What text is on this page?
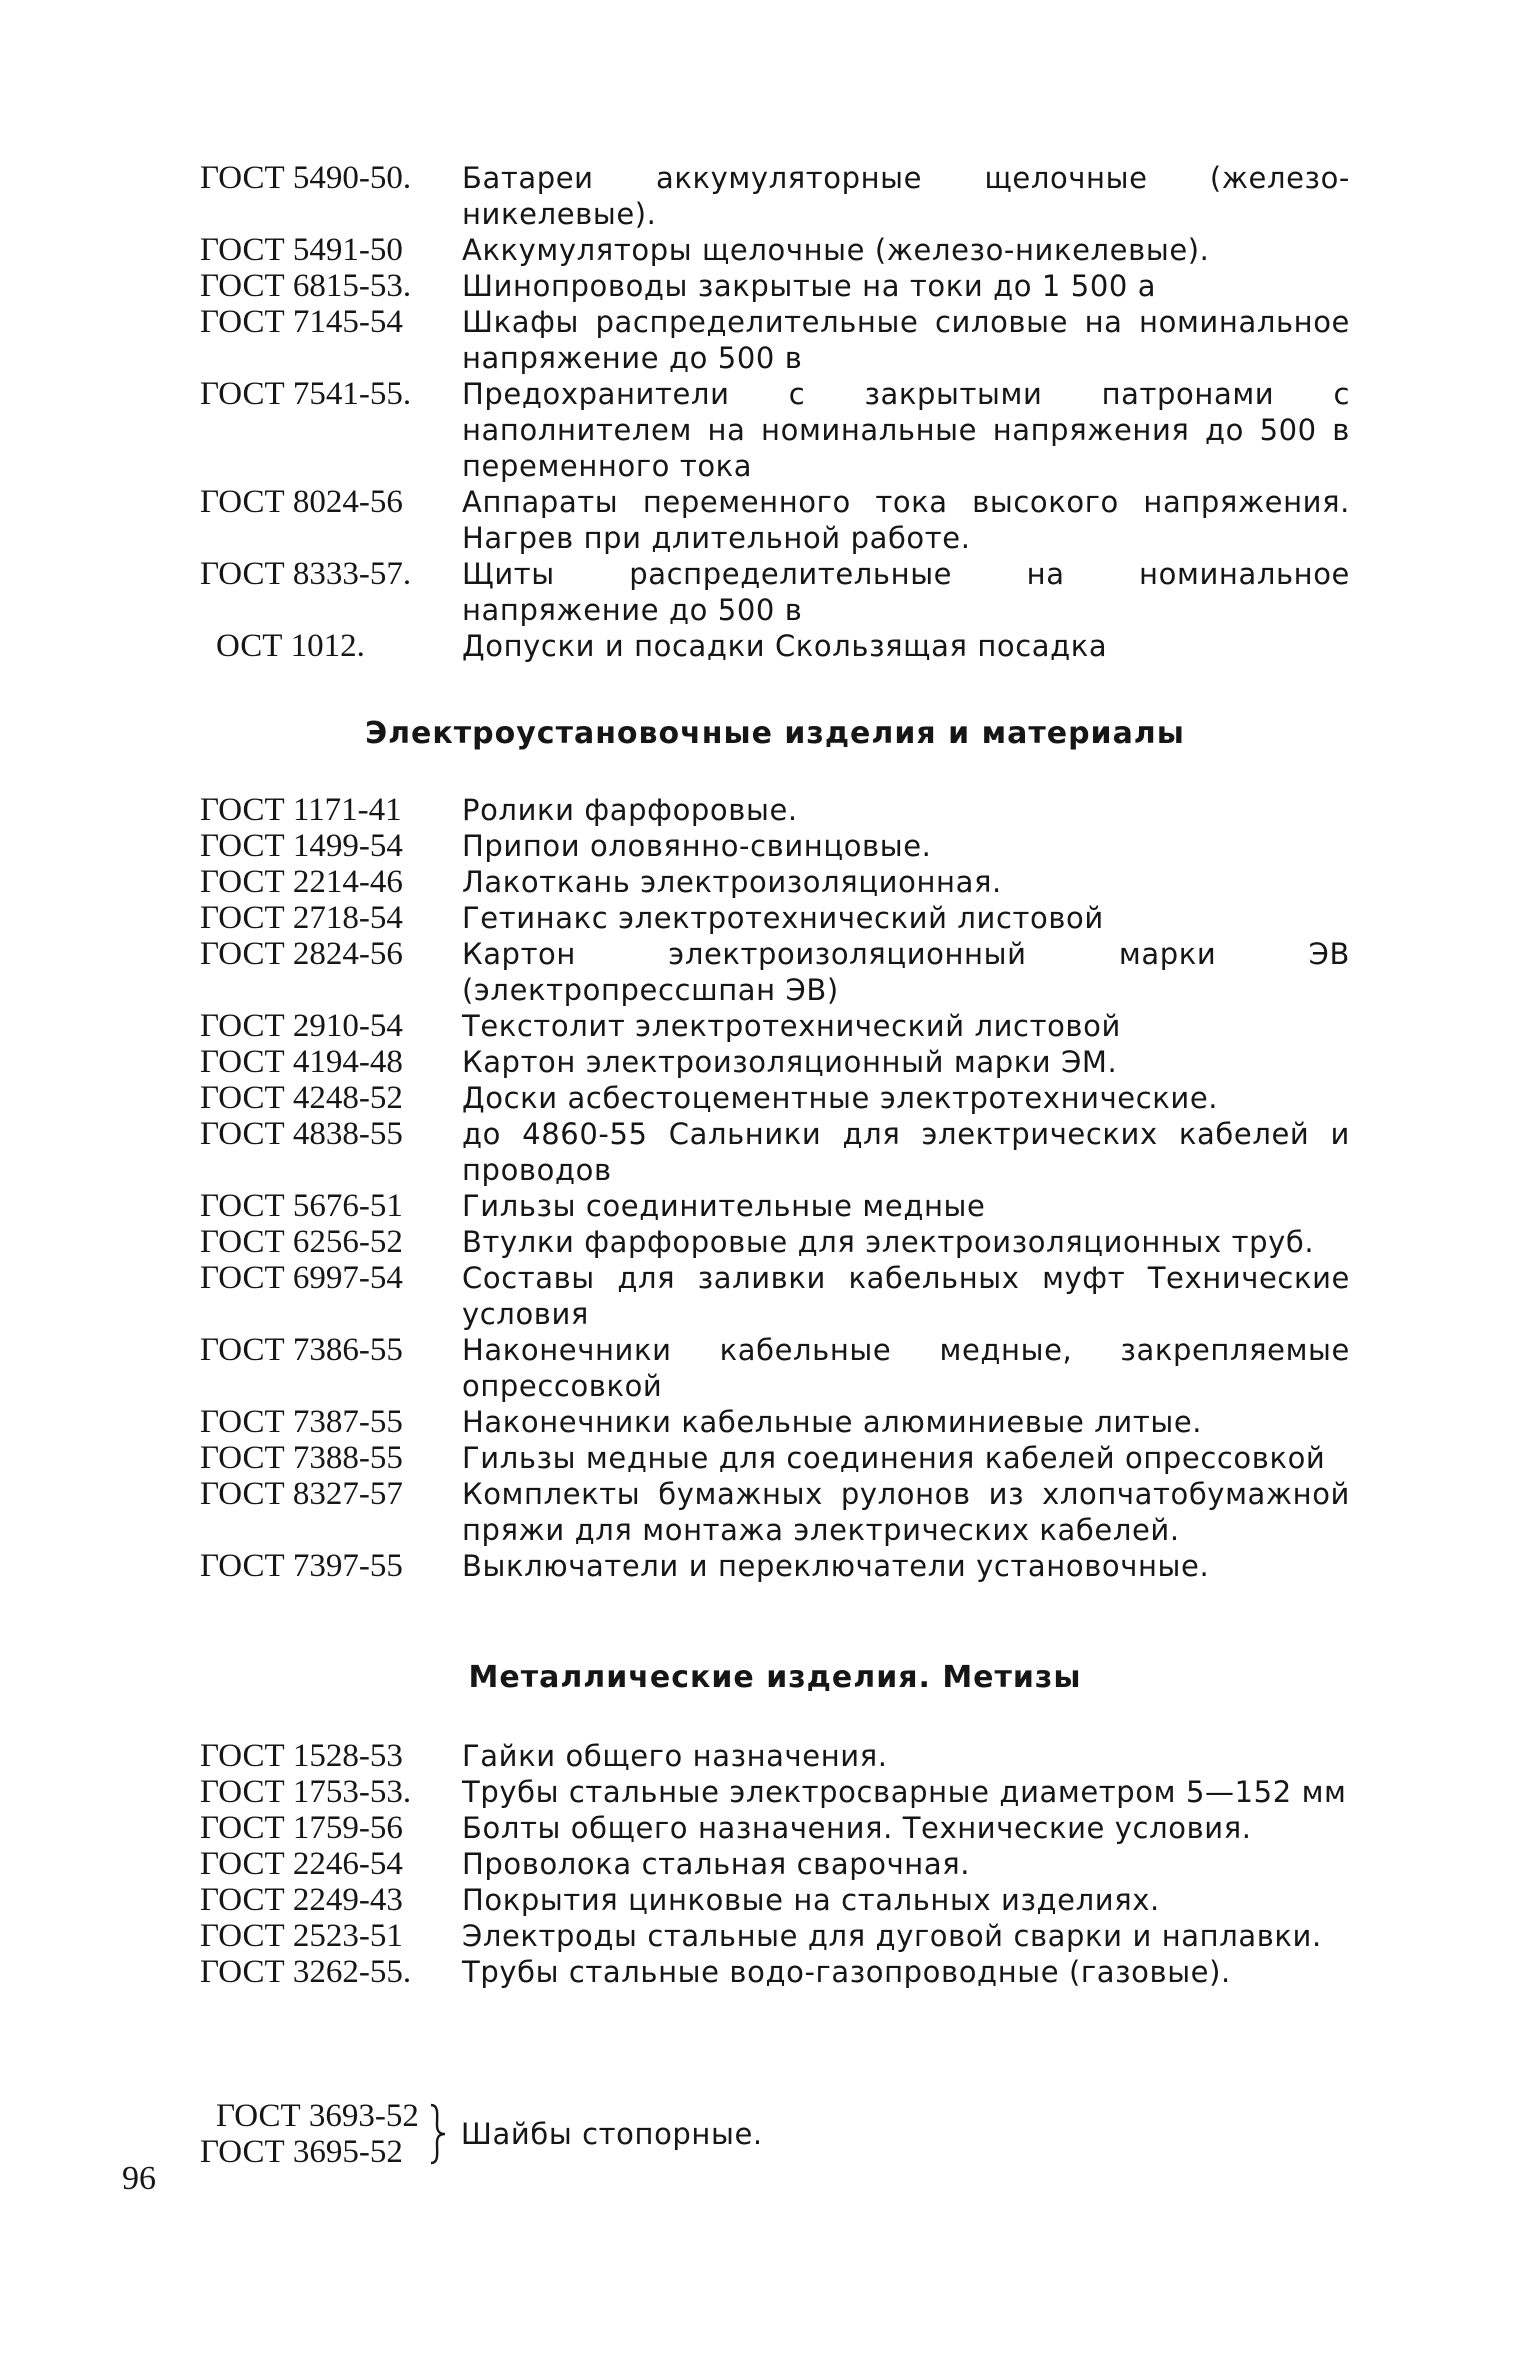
ГОСТ 5490-50.	Батареи аккумуляторные щелочные (железо-никелевые).
ГОСТ 5491-50	Аккумуляторы щелочные (железо-никелевые).
ГОСТ 6815-53.	Шинопроводы закрытые на токи до 1 500 а
ГОСТ 7145-54	Шкафы распределительные силовые на номинальное напряжение до 500 в
ГОСТ 7541-55.	Предохранители с закрытыми патронами с наполнителем на номинальные напряжения до 500 в переменного тока
ГОСТ 8024-56	Аппараты переменного тока высокого напряжения. Нагрев при длительной работе.
ГОСТ 8333-57.	Щиты распределительные на номинальное напряжение до 500 в
ОСТ 1012.	Допуски и посадки Скользящая посадка
Электроустановочные изделия и материалы
ГОСТ 1171-41	Ролики фарфоровые.
ГОСТ 1499-54	Припои оловянно-свинцовые.
ГОСТ 2214-46	Лакоткань электроизоляционная.
ГОСТ 2718-54	Гетинакс электротехнический листовой
ГОСТ 2824-56	Картон электроизоляционный марки ЭВ (электропрессшпан ЭВ)
ГОСТ 2910-54	Текстолит электротехнический листовой
ГОСТ 4194-48	Картон электроизоляционный марки ЭМ.
ГОСТ 4248-52	Доски асбестоцементные электротехнические.
ГОСТ 4838-55	до 4860-55 Сальники для электрических кабелей и проводов
ГОСТ 5676-51	Гильзы соединительные медные
ГОСТ 6256-52	Втулки фарфоровые для электроизоляционных труб.
ГОСТ 6997-54	Составы для заливки кабельных муфт Технические условия
ГОСТ 7386-55	Наконечники кабельные медные, закрепляемые опрессовкой
ГОСТ 7387-55	Наконечники кабельные алюминиевые литые.
ГОСТ 7388-55	Гильзы медные для соединения кабелей опрессовкой
ГОСТ 8327-57	Комплекты бумажных рулонов из хлопчатобумажной пряжи для монтажа электрических кабелей.
ГОСТ 7397-55	Выключатели и переключатели установочные.
Металлические изделия. Метизы
ГОСТ 1528-53	Гайки общего назначения.
ГОСТ 1753-53.	Трубы стальные электросварные диаметром 5—152 мм
ГОСТ 1759-56	Болты общего назначения. Технические условия.
ГОСТ 2246-54	Проволока стальная сварочная.
ГОСТ 2249-43	Покрытия цинковые на стальных изделиях.
ГОСТ 2523-51	Электроды стальные для дуговой сварки и наплавки.
ГОСТ 3262-55.	Трубы стальные водо-газопроводные (газовые).
ГОСТ 3693-52
ГОСТ 3695-52	Шайбы стопорные.
96
